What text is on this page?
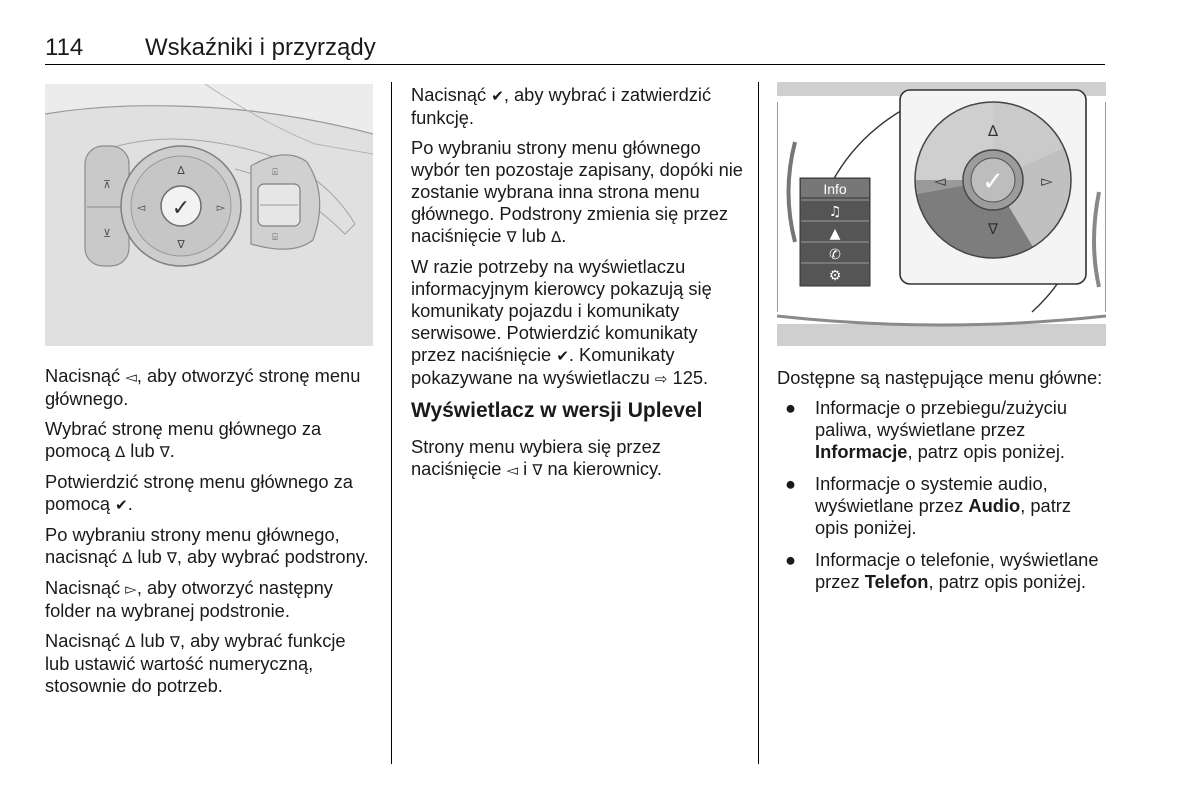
114	Wskaźniki i przyrządy
⊼
⊻
∆
∇
◅	▻
✓
⍓
⍌

Nacisnąć ◅, aby otworzyć stronę menu głównego.

Wybrać stronę menu głównego za pomocą ∆ lub ∇.

Potwierdzić stronę menu głównego za pomocą ✔.

Po wybraniu strony menu głównego, nacisnąć ∆ lub ∇, aby wybrać podstrony.

Nacisnąć ▻, aby otworzyć następny folder na wybranej podstronie.

Nacisnąć ∆ lub ∇, aby wybrać funkcje lub ustawić wartość numeryczną, stosownie do potrzeb.

Nacisnąć ✔, aby wybrać i zatwierdzić funkcję.

Po wybraniu strony menu głównego wybór ten pozostaje zapisany, dopóki nie zostanie wybrana inna strona menu głównego. Podstrony zmienia się przez naciśnięcie ∇ lub ∆.

W razie potrzeby na wyświetlaczu informacyjnym kierowcy pokazują się komunikaty pojazdu i komunikaty serwisowe. Potwierdzić komunikaty przez naciśnięcie ✔. Komunikaty pokazywane na wyświetlaczu ⇨ 125.

Wyświetlacz w wersji Uplevel

Strony menu wybiera się przez naciśnięcie ◅ i ∇ na kierownicy.

Info
♫
▲
✆
⚙
✓
∆
∇
◅	▻

Dostępne są następujące menu główne:

● Informacje o przebiegu/zużyciu paliwa, wyświetlane przez Informacje, patrz opis poniżej.
● Informacje o systemie audio, wyświetlane przez Audio, patrz opis poniżej.
● Informacje o telefonie, wyświetlane przez Telefon, patrz opis poniżej.
